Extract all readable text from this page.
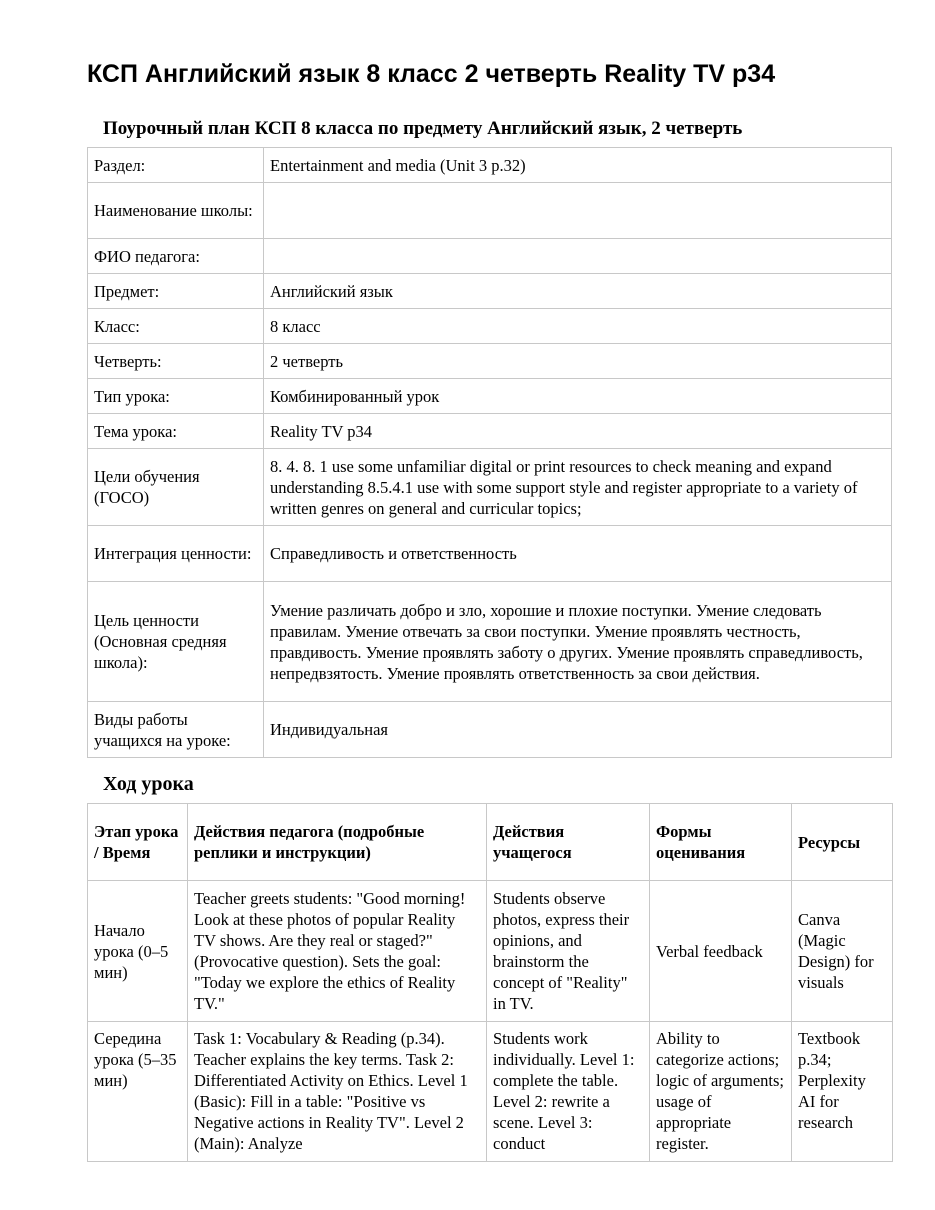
КСП Английский язык 8 класс 2 четверть Reality TV p34
Поурочный план КСП 8 класса по предмету Английский язык, 2 четверть
Раздел:	Entertainment and media (Unit 3 p.32)
Наименование школы:	
ФИО педагога:	
Предмет:	Английский язык
Класс:	8 класс
Четверть:	2 четверть
Тип урока:	Комбинированный урок
Тема урока:	Reality TV p34
Цели обучения (ГОСО)	8. 4. 8. 1 use some unfamiliar digital or print resources to check meaning and expand understanding 8.5.4.1 use with some support style and register appropriate to a variety of written genres on general and curricular topics;
Интеграция ценности:	Справедливость и ответственность
Цель ценности (Основная средняя школа):	Умение различать добро и зло, хорошие и плохие поступки. Умение следовать правилам. Умение отвечать за свои поступки. Умение проявлять честность, правдивость. Умение проявлять заботу о других. Умение проявлять справедливость, непредвзятость. Умение проявлять ответственность за свои действия.
Виды работы учащихся на уроке:	Индивидуальная
Ход урока
Этап урока / Время	Действия педагога (подробные реплики и инструкции)	Действия учащегося	Формы оценивания	Ресурсы
Начало урока (0–5 мин)	Teacher greets students: "Good morning! Look at these photos of popular Reality TV shows. Are they real or staged?" (Provocative question). Sets the goal: "Today we explore the ethics of Reality TV."	Students observe photos, express their opinions, and brainstorm the concept of "Reality" in TV.	Verbal feedback	Canva (Magic Design) for visuals
Середина урока (5–35 мин)	Task 1: Vocabulary & Reading (p.34). Teacher explains the key terms. Task 2: Differentiated Activity on Ethics. Level 1 (Basic): Fill in a table: "Positive vs Negative actions in Reality TV". Level 2 (Main): Analyze	Students work individually. Level 1: complete the table. Level 2: rewrite a scene. Level 3: conduct	Ability to categorize actions; logic of arguments; usage of appropriate register.	Textbook p.34; Perplexity AI for research
